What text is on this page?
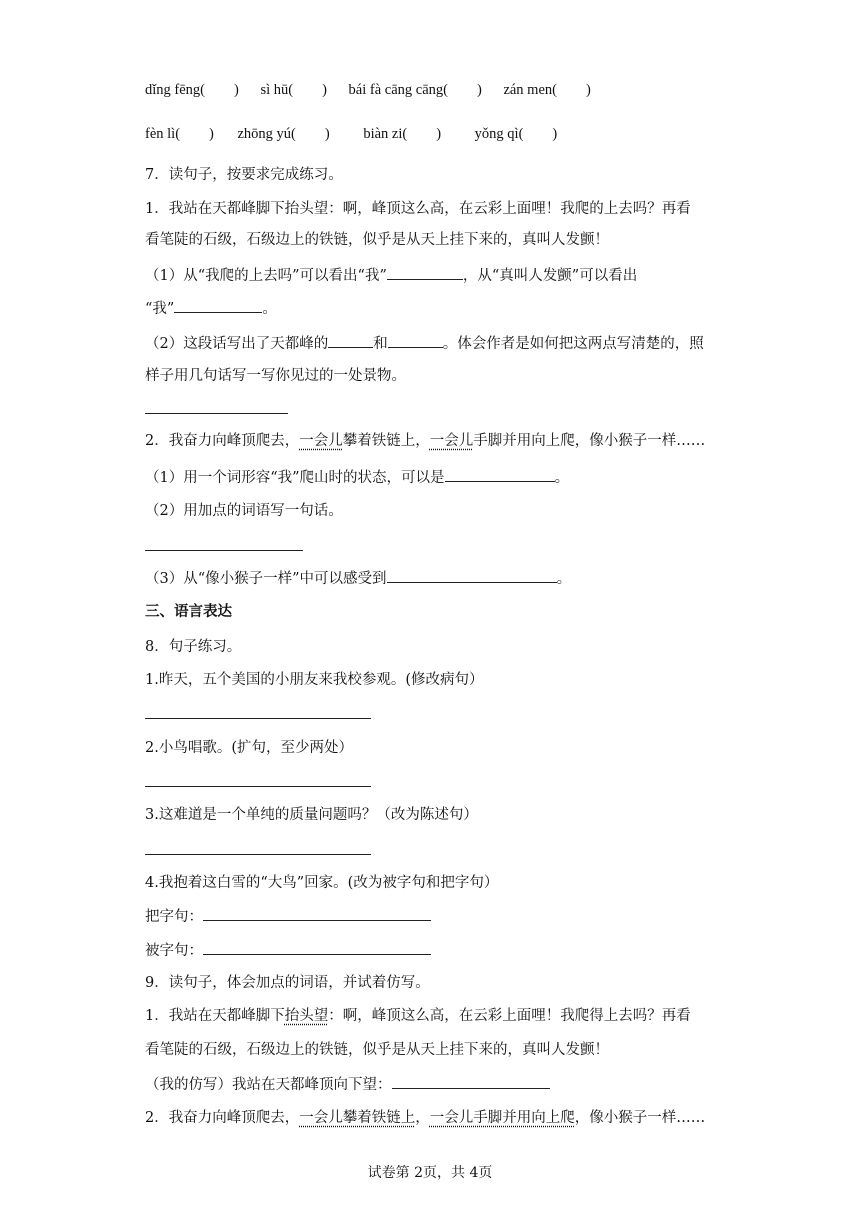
dǐng fēng(　　) sì hū(　　) bái fà cāng cāng(　　) zán men(　　)
fèn lì(　　) zhōng yú(　　) biàn zi(　　) yǒng qì(　　)
7．读句子，按要求完成练习。
1．我站在天都峰脚下抬头望：啊，峰顶这么高，在云彩上面哩！我爬的上去吗？再看
看笔陡的石级，石级边上的铁链，似乎是从天上挂下来的，真叫人发颤！
（1）从“我爬的上去吗”可以看出“我”	，从“真叫人发颤”可以看出
“我”	。
（2）这段话写出了天都峰的	和	。体会作者是如何把这两点写清楚的，照
样子用几句话写一写你见过的一处景物。
2．我奋力向峰顶爬去，一会儿攀着铁链上，一会儿手脚并用向上爬，像小猴子一样……
（1）用一个词形容“我”爬山时的状态，可以是	。
（2）用加点的词语写一句话。
（3）从“像小猴子一样”中可以感受到	。
三、语言表达
8．句子练习。
1.昨天，五个美国的小朋友来我校参观。(修改病句）
2.小鸟唱歌。(扩句，至少两处）
3.这难道是一个单纯的质量问题吗？（改为陈述句）
4.我抱着这白雪的“大鸟”回家。(改为被字句和把字句）
把字句：
被字句：
9．读句子，体会加点的词语，并试着仿写。
1．我站在天都峰脚下抬头望：啊，峰顶这么高，在云彩上面哩！我爬得上去吗？再看
看笔陡的石级，石级边上的铁链，似乎是从天上挂下来的，真叫人发颤！
（我的仿写）我站在天都峰顶向下望：
2．我奋力向峰顶爬去，一会儿攀着铁链上，一会儿手脚并用向上爬，像小猴子一样……
试卷第 2页，共 4页
